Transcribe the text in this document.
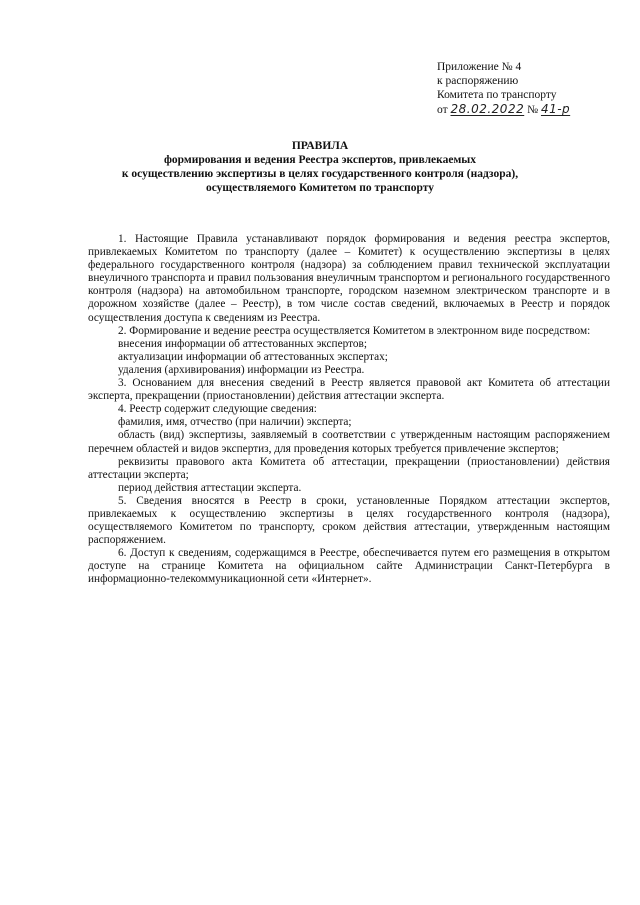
Приложение № 4
к распоряжению
Комитета по транспорту
от 28.02.2022 № 41-р
ПРАВИЛА
формирования и ведения Реестра экспертов, привлекаемых
к осуществлению экспертизы в целях государственного контроля (надзора),
осуществляемого Комитетом по транспорту

1. Настоящие Правила устанавливают порядок формирования и ведения реестра экспертов, привлекаемых Комитетом по транспорту (далее – Комитет) к осуществлению экспертизы в целях федерального государственного контроля (надзора) за соблюдением правил технической эксплуатации внеуличного транспорта и правил пользования внеуличным транспортом и регионального государственного контроля (надзора) на автомобильном транспорте, городском наземном электрическом транспорте и в дорожном хозяйстве (далее – Реестр), в том числе состав сведений, включаемых в Реестр и порядок осуществления доступа к сведениям из Реестра.

2. Формирование и ведение реестра осуществляется Комитетом в электронном виде посредством:

внесения информации об аттестованных экспертов;

актуализации информации об аттестованных экспертах;

удаления (архивирования) информации из Реестра.

3. Основанием для внесения сведений в Реестр является правовой акт Комитета об аттестации эксперта, прекращении (приостановлении) действия аттестации эксперта.

4. Реестр содержит следующие сведения:

фамилия, имя, отчество (при наличии) эксперта;

область (вид) экспертизы, заявляемый в соответствии с утвержденным настоящим распоряжением перечнем областей и видов экспертиз, для проведения которых требуется привлечение экспертов;

реквизиты правового акта Комитета об аттестации, прекращении (приостановлении) действия аттестации эксперта;

период действия аттестации эксперта.

5. Сведения вносятся в Реестр в сроки, установленные Порядком аттестации экспертов, привлекаемых к осуществлению экспертизы в целях государственного контроля (надзора), осуществляемого Комитетом по транспорту, сроком действия аттестации, утвержденным настоящим распоряжением.

6. Доступ к сведениям, содержащимся в Реестре, обеспечивается путем его размещения в открытом доступе на странице Комитета на официальном сайте Администрации Санкт-Петербурга в информационно-телекоммуникационной сети «Интернет».
